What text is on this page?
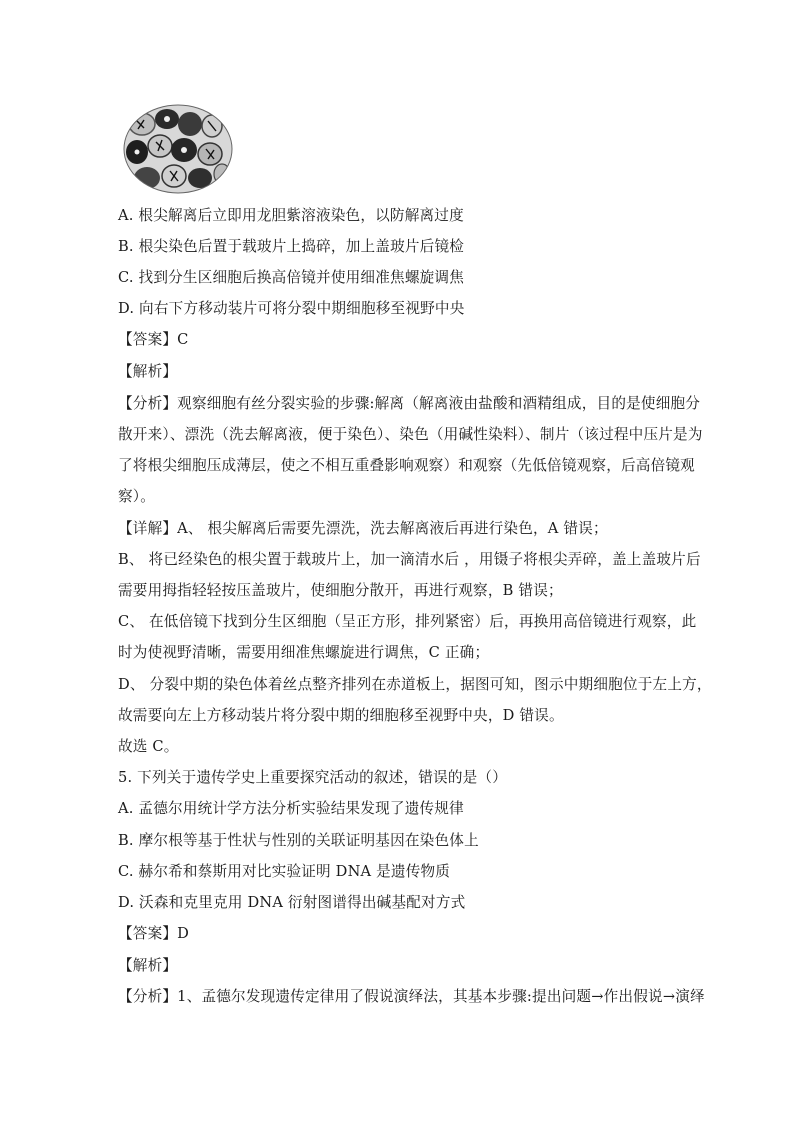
A. 根尖解离后立即用龙胆紫溶液染色，以防解离过度
B. 根尖染色后置于载玻片上捣碎，加上盖玻片后镜检
C. 找到分生区细胞后换高倍镜并使用细准焦螺旋调焦
D. 向右下方移动装片可将分裂中期细胞移至视野中央
【答案】C
【解析】
【分析】观察细胞有丝分裂实验的步骤:解离（解离液由盐酸和酒精组成，目的是使细胞分
散开来）、漂洗（洗去解离液，便于染色）、染色（用碱性染料）、制片（该过程中压片是为
了将根尖细胞压成薄层，使之不相互重叠影响观察）和观察（先低倍镜观察，后高倍镜观
察）。
【详解】A、 根尖解离后需要先漂洗，洗去解离液后再进行染色，A 错误；
B、 将已经染色的根尖置于载玻片上，加一滴清水后 ，用镊子将根尖弄碎，盖上盖玻片后
需要用拇指轻轻按压盖玻片，使细胞分散开，再进行观察，B 错误；
C、 在低倍镜下找到分生区细胞（呈正方形，排列紧密）后，再换用高倍镜进行观察，此
时为使视野清晰，需要用细准焦螺旋进行调焦，C 正确；
D、 分裂中期的染色体着丝点整齐排列在赤道板上，据图可知，图示中期细胞位于左上方，
故需要向左上方移动装片将分裂中期的细胞移至视野中央，D 错误。
故选 C。
5. 下列关于遗传学史上重要探究活动的叙述，错误的是（）
A. 孟德尔用统计学方法分析实验结果发现了遗传规律
B. 摩尔根等基于性状与性别的关联证明基因在染色体上
C. 赫尔希和蔡斯用对比实验证明 DNA 是遗传物质
D. 沃森和克里克用 DNA 衍射图谱得出碱基配对方式
【答案】D
【解析】
【分析】1、孟德尔发现遗传定律用了假说演绎法，其基本步骤:提出问题→作出假说→演绎
